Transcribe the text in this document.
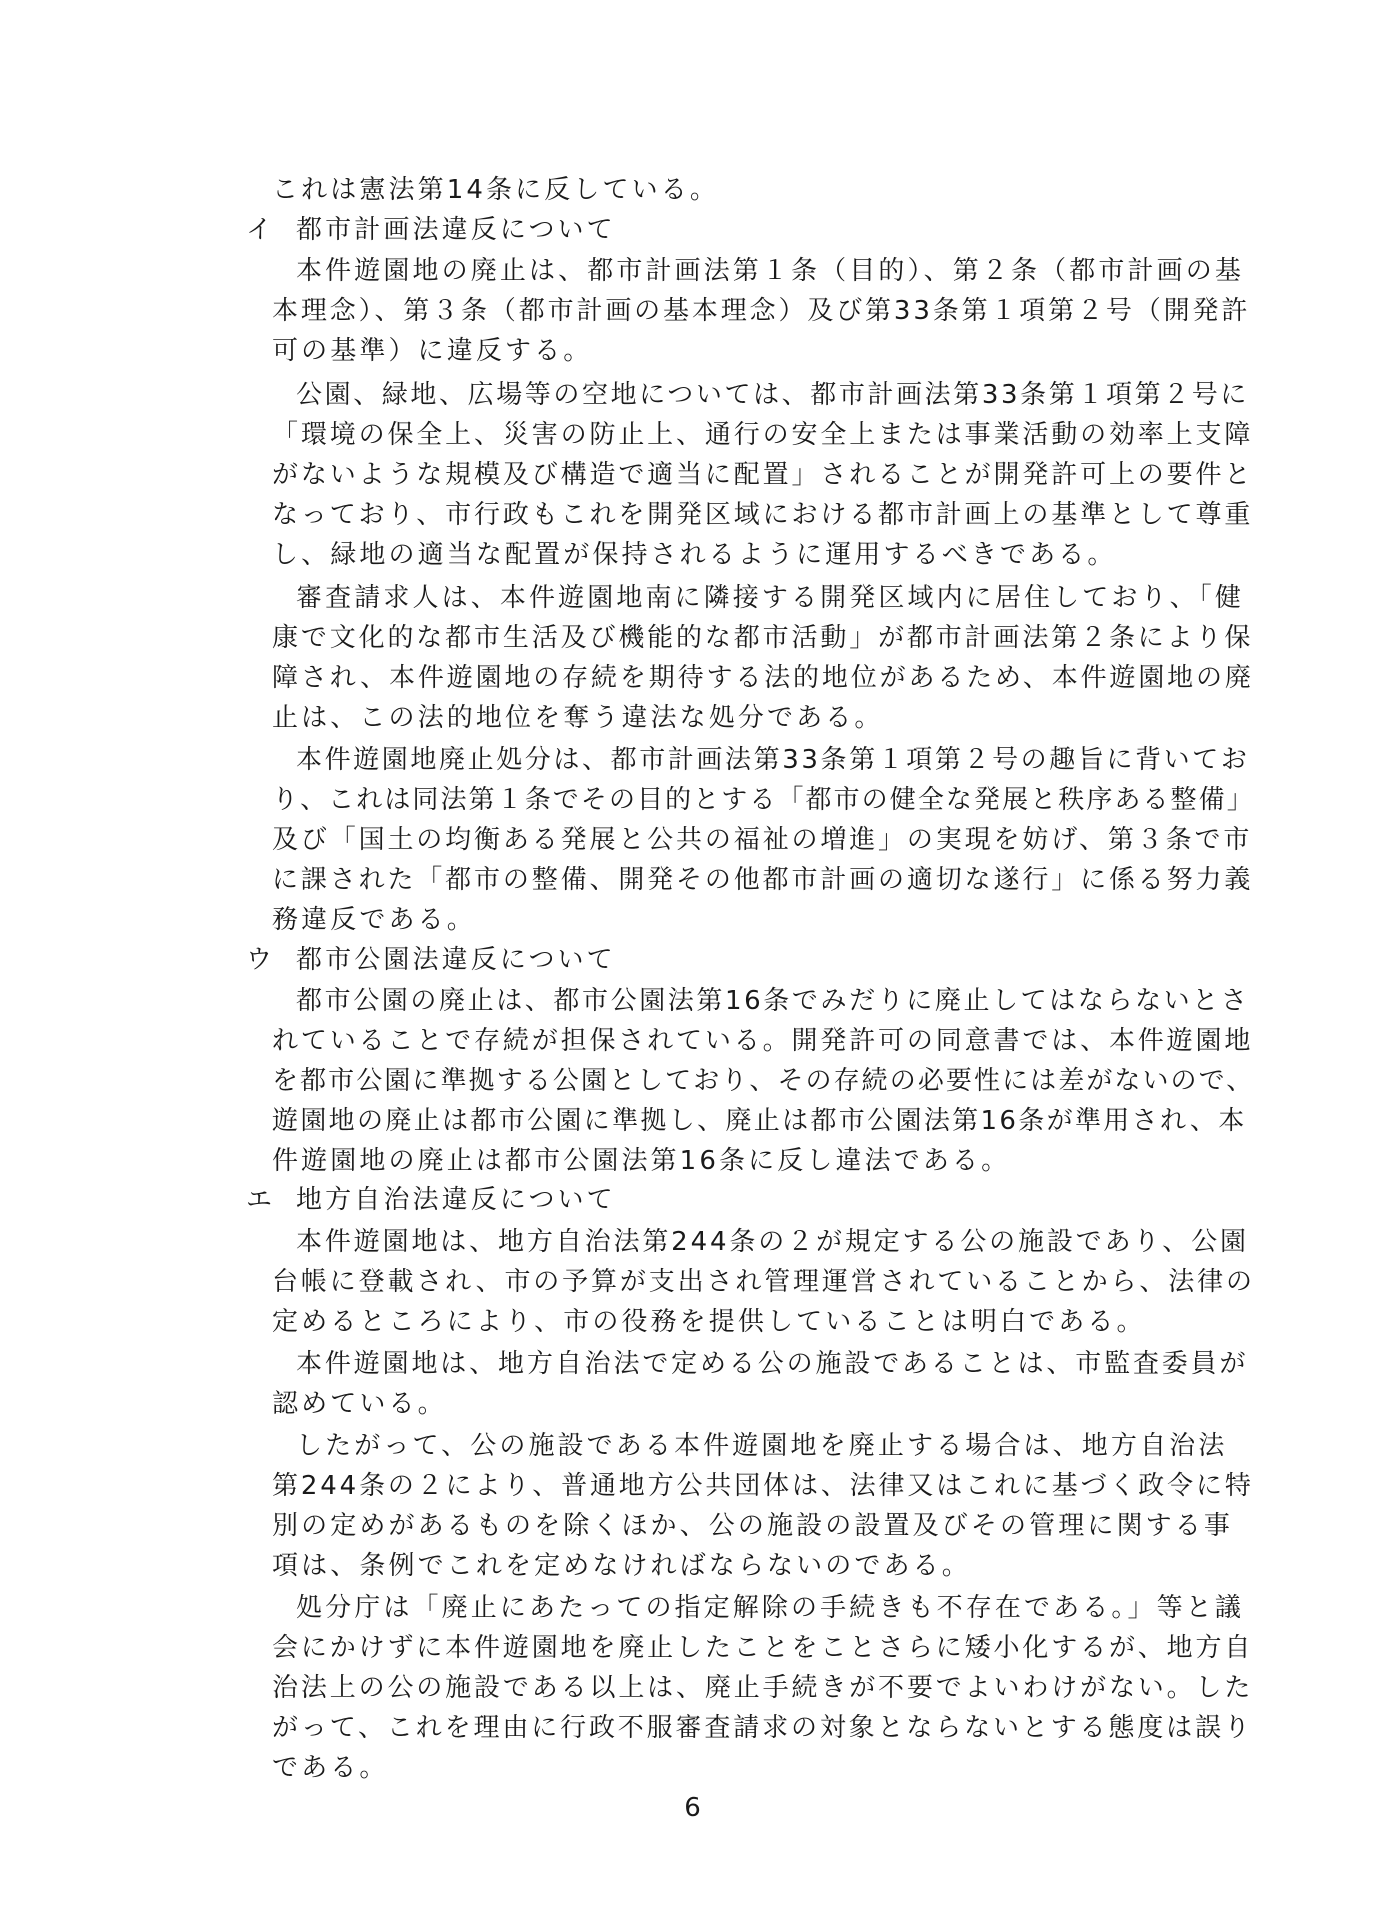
これは憲法第14条に反している。
イ 都市計画法違反について
本件遊園地の廃止は、都市計画法第１条（目的）、第２条（都市計画の基
本理念）、第３条（都市計画の基本理念）及び第33条第１項第２号（開発許
可の基準）に違反する。
公園、緑地、広場等の空地については、都市計画法第33条第１項第２号に
「環境の保全上、災害の防止上、通行の安全上または事業活動の効率上支障
がないような規模及び構造で適当に配置」されることが開発許可上の要件と
なっており、市行政もこれを開発区域における都市計画上の基準として尊重
し、緑地の適当な配置が保持されるように運用するべきである。
審査請求人は、本件遊園地南に隣接する開発区域内に居住しており、「健
康で文化的な都市生活及び機能的な都市活動」が都市計画法第２条により保
障され、本件遊園地の存続を期待する法的地位があるため、本件遊園地の廃
止は、この法的地位を奪う違法な処分である。
本件遊園地廃止処分は、都市計画法第33条第１項第２号の趣旨に背いてお
り、これは同法第１条でその目的とする「都市の健全な発展と秩序ある整備」
及び「国土の均衡ある発展と公共の福祉の増進」の実現を妨げ、第３条で市
に課された「都市の整備、開発その他都市計画の適切な遂行」に係る努力義
務違反である。
ウ 都市公園法違反について
都市公園の廃止は、都市公園法第16条でみだりに廃止してはならないとさ
れていることで存続が担保されている。開発許可の同意書では、本件遊園地
を都市公園に準拠する公園としており、その存続の必要性には差がないので、
遊園地の廃止は都市公園に準拠し、廃止は都市公園法第16条が準用され、本
件遊園地の廃止は都市公園法第16条に反し違法である。
エ 地方自治法違反について
本件遊園地は、地方自治法第244条の２が規定する公の施設であり、公園
台帳に登載され、市の予算が支出され管理運営されていることから、法律の
定めるところにより、市の役務を提供していることは明白である。
本件遊園地は、地方自治法で定める公の施設であることは、市監査委員が
認めている。
したがって、公の施設である本件遊園地を廃止する場合は、地方自治法
第244条の２により、普通地方公共団体は、法律又はこれに基づく政令に特
別の定めがあるものを除くほか、公の施設の設置及びその管理に関する事
項は、条例でこれを定めなければならないのである。
処分庁は「廃止にあたっての指定解除の手続きも不存在である。」等と議
会にかけずに本件遊園地を廃止したことをことさらに矮小化するが、地方自
治法上の公の施設である以上は、廃止手続きが不要でよいわけがない。した
がって、これを理由に行政不服審査請求の対象とならないとする態度は誤り
である。
6
